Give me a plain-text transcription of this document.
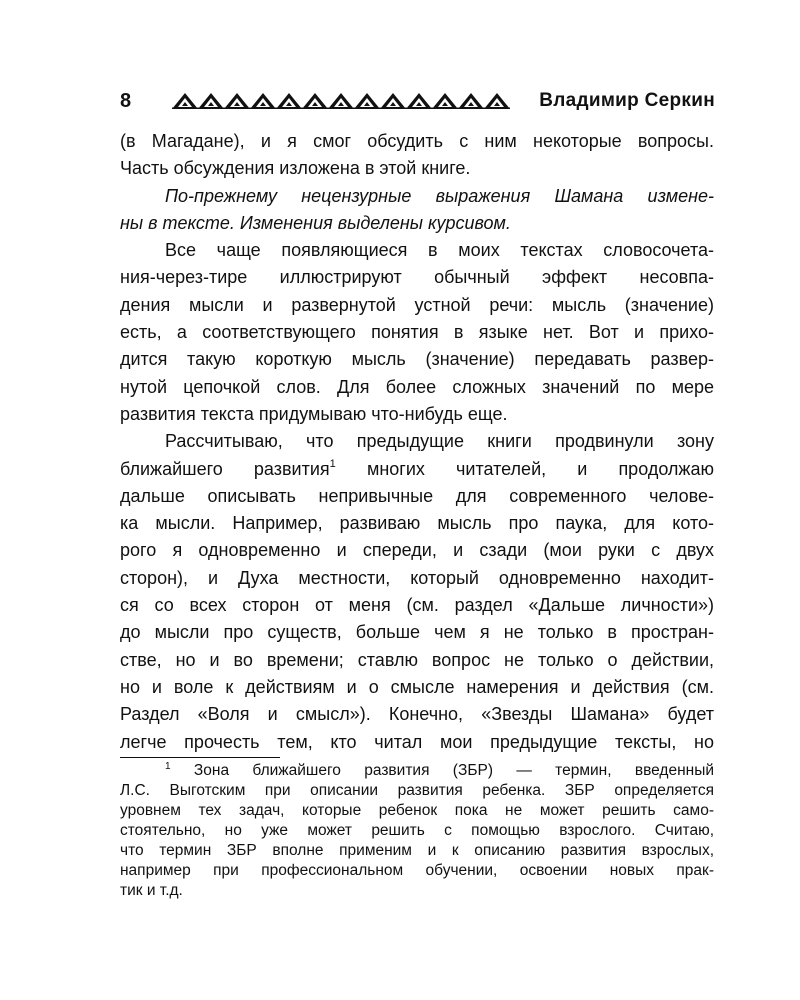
8	Владимир Серкин
(в Магадане), и я смог обсудить с ним некоторые вопросы.
Часть обсуждения изложена в этой книге.
По-прежнему нецензурные выражения Шамана измене-
ны в тексте. Изменения выделены курсивом.
Все чаще появляющиеся в моих текстах словосочета-
ния-через-тире иллюстрируют обычный эффект несовпа-
дения мысли и развернутой устной речи: мысль (значение)
есть, а соответствующего понятия в языке нет. Вот и прихо-
дится такую короткую мысль (значение) передавать развер-
нутой цепочкой слов. Для более сложных значений по мере
развития текста придумываю что-нибудь еще.
Рассчитываю, что предыдущие книги продвинули зону
ближайшего развития$^1$ многих читателей, и продолжаю
дальше описывать непривычные для современного челове-
ка мысли. Например, развиваю мысль про паука, для кото-
рого я одновременно и спереди, и сзади (мои руки с двух
сторон), и Духа местности, который одновременно находит-
ся со всех сторон от меня (см. раздел «Дальше личности»)
до мысли про существ, больше чем я не только в простран-
стве, но и во времени; ставлю вопрос не только о действии,
но и воле к действиям и о смысле намерения и действия (см.
Раздел «Воля и смысл»). Конечно, «Звезды Шамана» будет
легче прочесть тем, кто читал мои предыдущие тексты, но
$^1$ Зона ближайшего развития (ЗБР) — термин, введенный
Л.С. Выготским при описании развития ребенка. ЗБР определяется
уровнем тех задач, которые ребенок пока не может решить само-
стоятельно, но уже может решить с помощью взрослого. Считаю,
что термин ЗБР вполне применим и к описанию развития взрослых,
например при профессиональном обучении, освоении новых прак-
тик и т.д.
